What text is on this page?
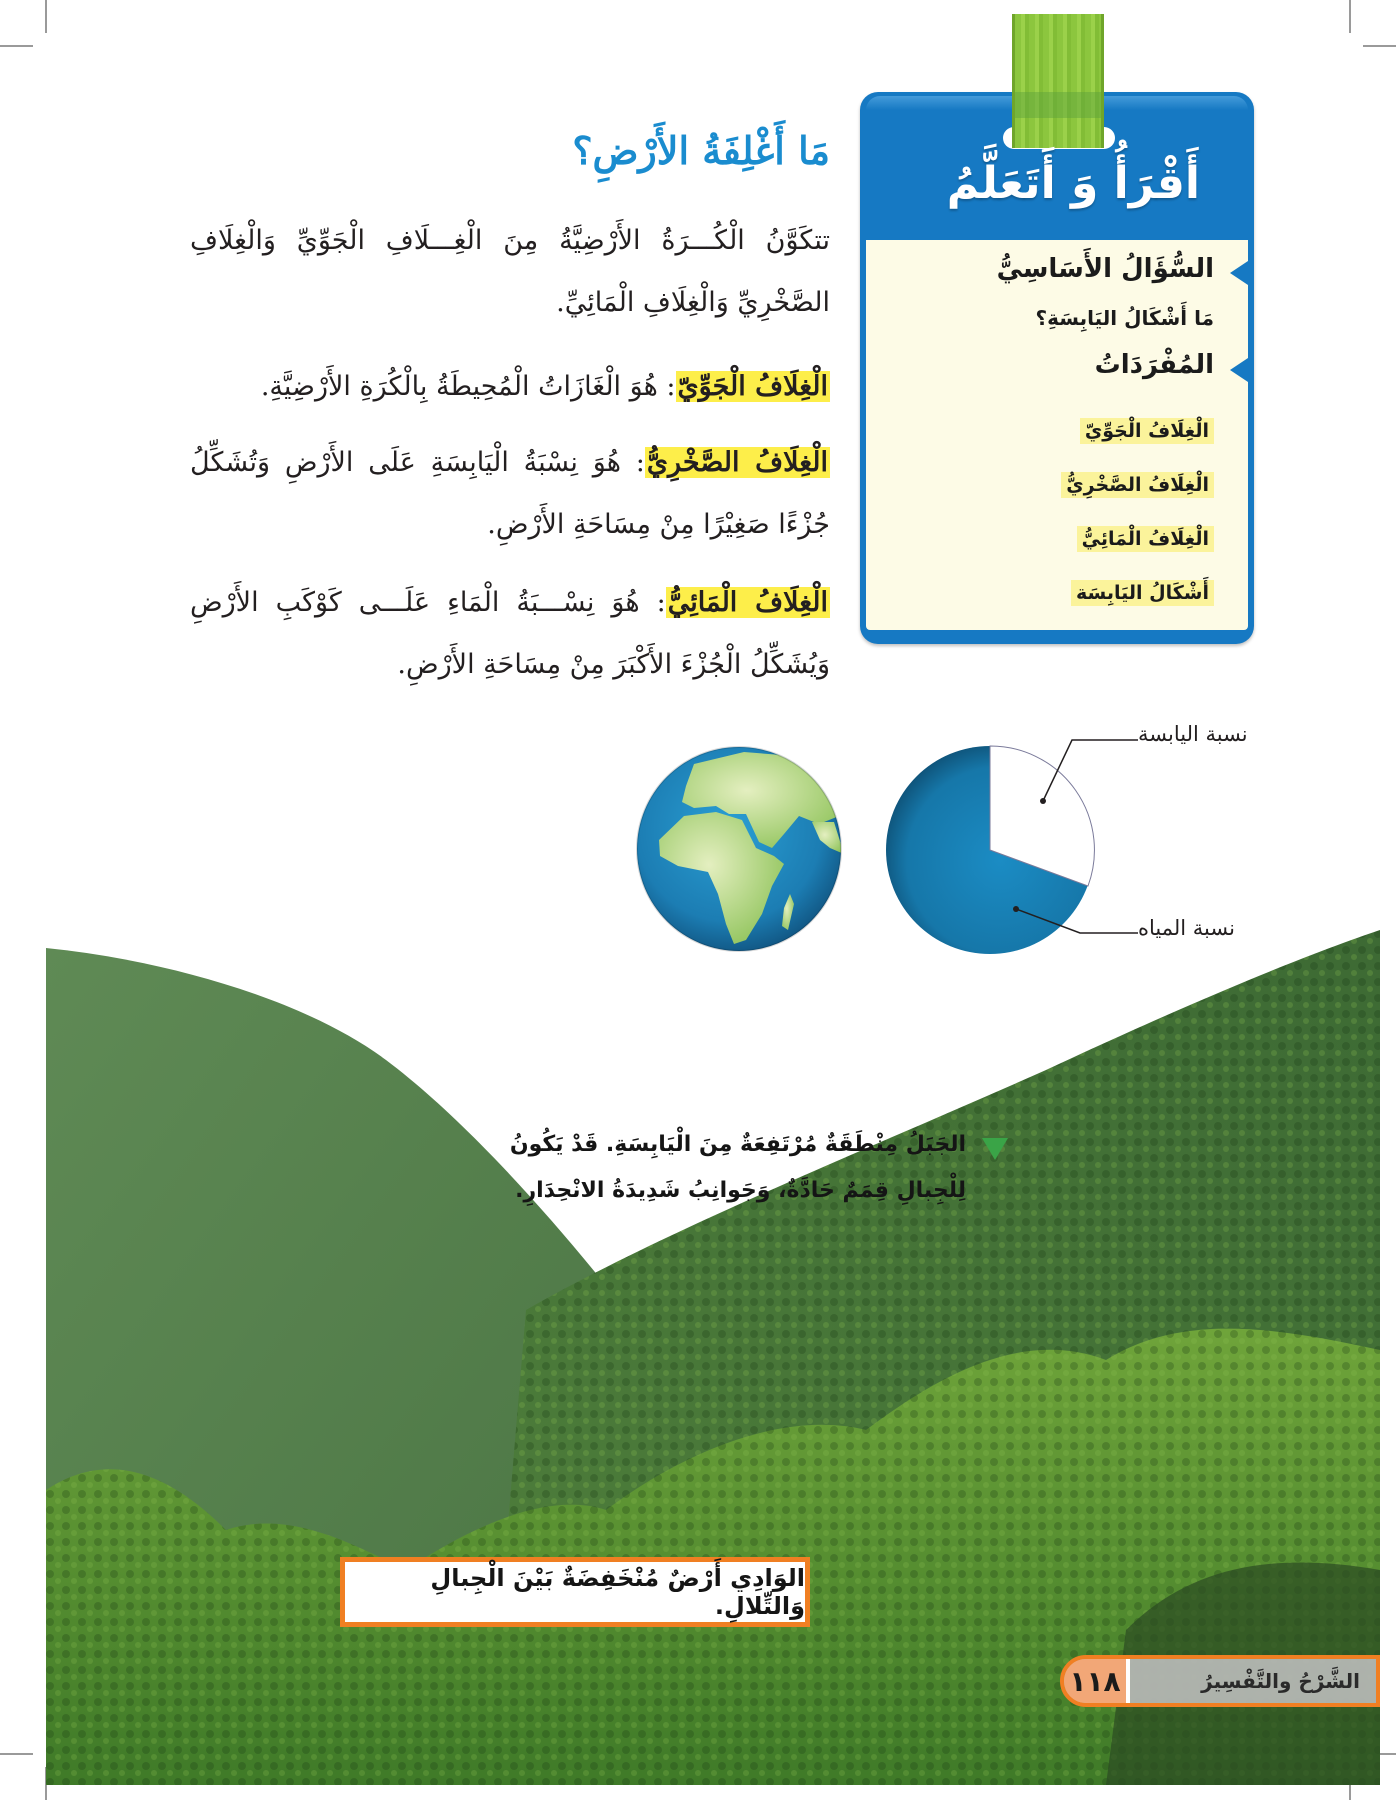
أَقْرَأُ وَ أَتَعَلَّمُ
السُّؤَالُ الأَسَاسِيُّ
مَا أَشْكَالُ اليَابِسَةِ؟
المُفْرَدَاتُ
الْغِلَافُ الْجَوِّيّ
الْغِلَافُ الصَّخْرِيُّ
الْغِلَافُ الْمَائِيُّ
أَشْكَالُ اليَابِسَة
مَا أَغْلِفَةُ الأَرْضِ؟
تتكَوَّنُ الْكُـــرَةُ الأَرْضِيَّةُ مِنَ الْغِـــلَافِ الْجَوِّيِّ وَالْغِلَافِ الصَّخْرِيِّ وَالْغِلَافِ الْمَائِيِّ.
الْغِلَافُ الْجَوِّيّ: هُوَ الْغَازَاتُ الْمُحِيطَةُ بِالْكُرَةِ الأَرْضِيَّةِ.
الْغِلَافُ الصَّخْرِيُّ: هُوَ نِسْبَةُ الْيَابِسَةِ عَلَى الأَرْضِ وَتُشَكِّلُ جُزْءًا صَغِيْرًا مِنْ مِسَاحَةِ الأَرْضِ.
الْغِلَافُ الْمَائِيُّ: هُوَ نِسْـــبَةُ الْمَاءِ عَلَـــى كَوْكَبِ الأَرْضِ وَيُشَكِّلُ الْجُزْءَ الأَكْبَرَ مِنْ مِسَاحَةِ الأَرْضِ.
نسبة اليابسة
نسبة المياه
الجَبَلُ مِنْطَقَةٌ مُرْتَفِعَةٌ مِنَ الْيَابِسَةِ. قَدْ يَكُونُ لِلْجِبالِ قِمَمٌ حَادَّةٌ، وَجَوانِبُ شَدِيدَةُ الانْحِدَارِ.
الوَادِي أَرْضٌ مُنْخَفِضَةٌ بَيْنَ الْجِبالِ وَالتِّلالِ.
١١٨	الشَّرْحُ والتَّفْسِيرُ
